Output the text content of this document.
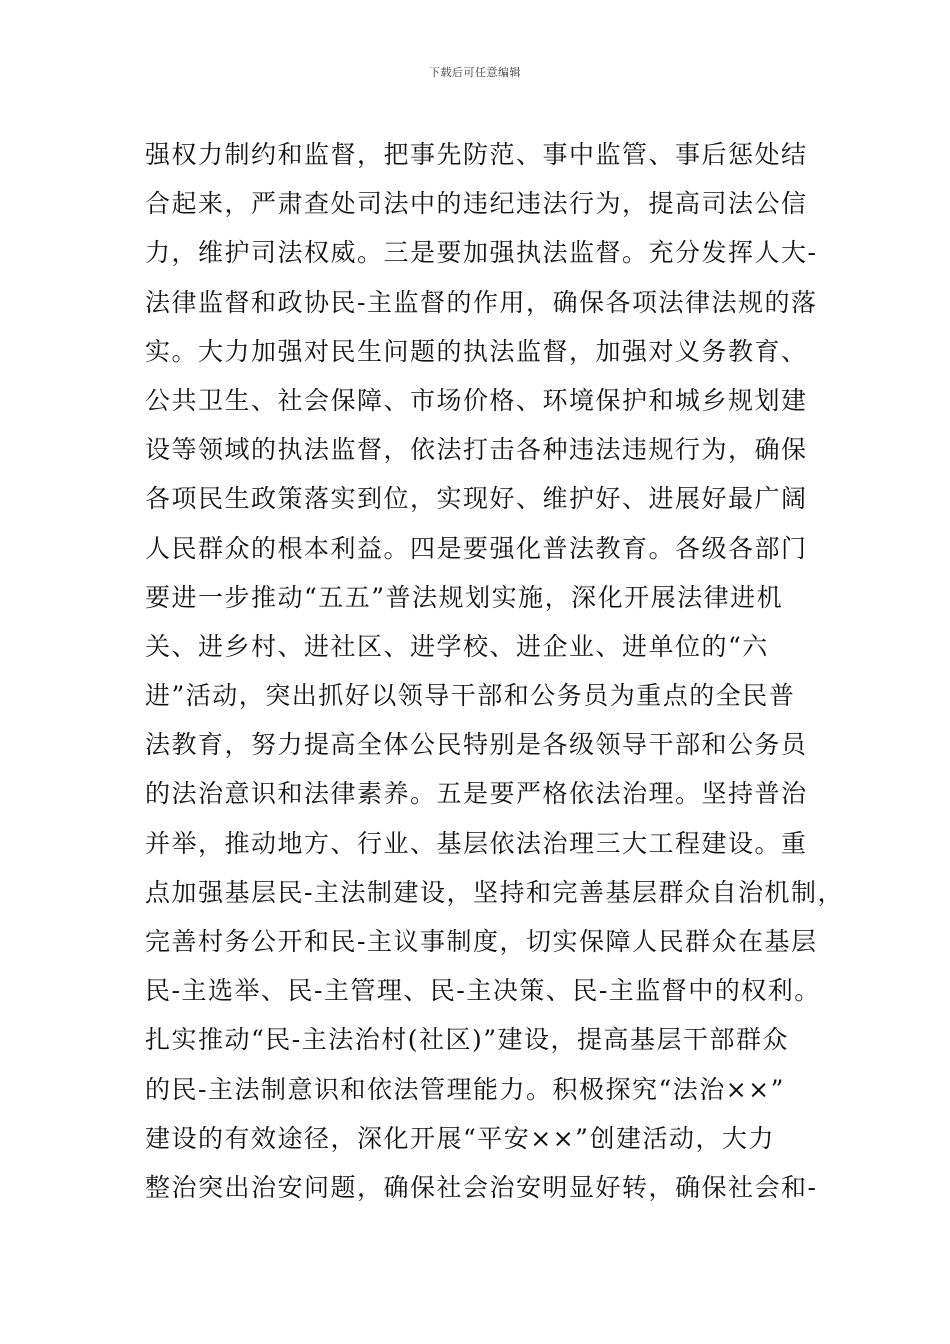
下载后可任意编辑
强权力制约和监督，把事先防范、事中监管、事后惩处结
合起来，严肃查处司法中的违纪违法行为，提高司法公信
力，维护司法权威。三是要加强执法监督。充分发挥人大-
法律监督和政协民-主监督的作用，确保各项法律法规的落
实。大力加强对民生问题的执法监督，加强对义务教育、
公共卫生、社会保障、市场价格、环境保护和城乡规划建
设等领域的执法监督，依法打击各种违法违规行为，确保
各项民生政策落实到位，实现好、维护好、进展好最广阔
人民群众的根本利益。四是要强化普法教育。各级各部门
要进一步推动“五五”普法规划实施，深化开展法律进机
关、进乡村、进社区、进学校、进企业、进单位的“六
进”活动，突出抓好以领导干部和公务员为重点的全民普
法教育，努力提高全体公民特别是各级领导干部和公务员
的法治意识和法律素养。五是要严格依法治理。坚持普治
并举，推动地方、行业、基层依法治理三大工程建设。重
点加强基层民-主法制建设，坚持和完善基层群众自治机制，
完善村务公开和民-主议事制度，切实保障人民群众在基层
民-主选举、民-主管理、民-主决策、民-主监督中的权利。
扎实推动“民-主法治村(社区)”建设，提高基层干部群众
的民-主法制意识和依法管理能力。积极探究“法治××”
建设的有效途径，深化开展“平安××”创建活动，大力
整治突出治安问题，确保社会治安明显好转，确保社会和-
